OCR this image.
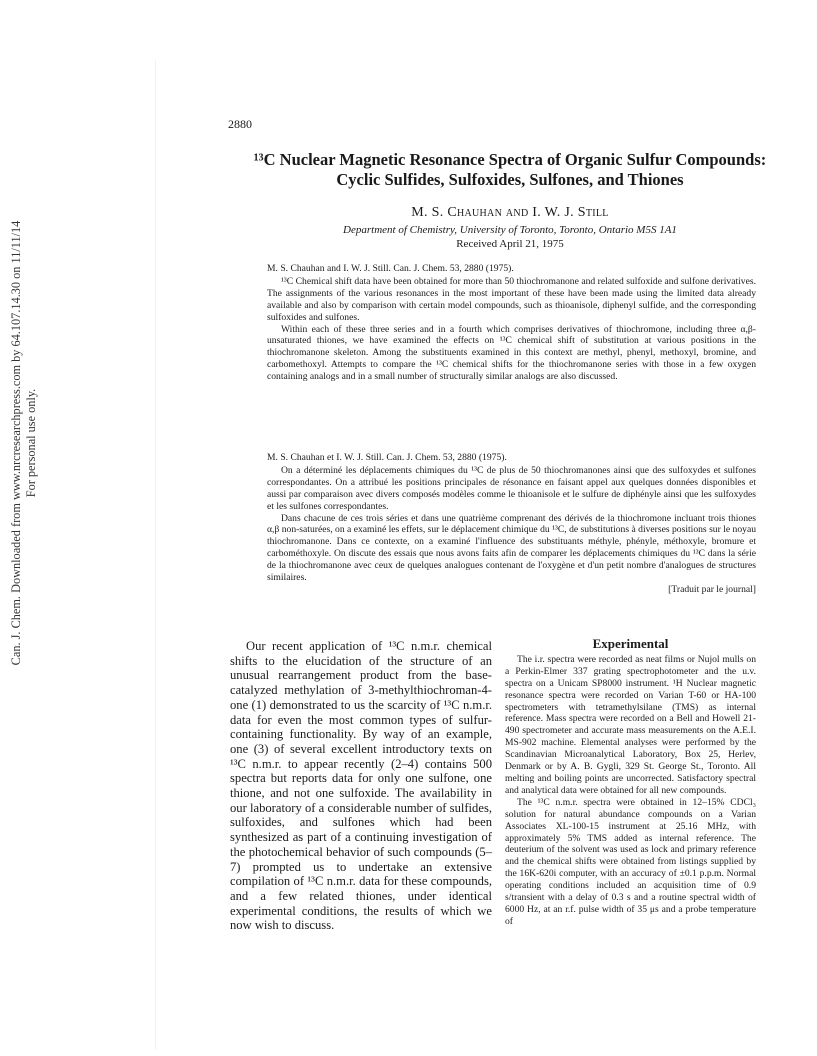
Can. J. Chem. Downloaded from www.nrcresearchpress.com by 64.107.14.30 on 11/11/14 For personal use only.
2880
¹³C Nuclear Magnetic Resonance Spectra of Organic Sulfur Compounds:
Cyclic Sulfides, Sulfoxides, Sulfones, and Thiones
M. S. Chauhan and I. W. J. Still
Department of Chemistry, University of Toronto, Toronto, Ontario M5S 1A1
Received April 21, 1975

M. S. Chauhan and I. W. J. Still. Can. J. Chem. 53, 2880 (1975).

¹³C Chemical shift data have been obtained for more than 50 thiochromanone and related sulfoxide and sulfone derivatives. The assignments of the various resonances in the most important of these have been made using the limited data already available and also by comparison with certain model compounds, such as thioanisole, diphenyl sulfide, and the corresponding sulfoxides and sulfones.

Within each of these three series and in a fourth which comprises derivatives of thiochromone, including three α,β-unsaturated thiones, we have examined the effects on ¹³C chemical shift of substitution at various positions in the thiochromanone skeleton. Among the substituents examined in this context are methyl, phenyl, methoxyl, bromine, and carbomethoxyl. Attempts to compare the ¹³C chemical shifts for the thiochromanone series with those in a few oxygen containing analogs and in a small number of structurally similar analogs are also discussed.

M. S. Chauhan et I. W. J. Still. Can. J. Chem. 53, 2880 (1975).

On a déterminé les déplacements chimiques du ¹³C de plus de 50 thiochromanones ainsi que des sulfoxydes et sulfones correspondantes. On a attribué les positions principales de résonance en faisant appel aux quelques données disponibles et aussi par comparaison avec divers composés modèles comme le thioanisole et le sulfure de diphényle ainsi que les sulfoxydes et les sulfones correspondantes.

Dans chacune de ces trois séries et dans une quatrième comprenant des dérivés de la thiochromone incluant trois thiones α,β non-saturées, on a examiné les effets, sur le déplacement chimique du ¹³C, de substitutions à diverses positions sur le noyau thiochromanone. Dans ce contexte, on a examiné l'influence des substituants méthyle, phényle, méthoxyle, bromure et carbométhoxyle. On discute des essais que nous avons faits afin de comparer les déplacements chimiques du ¹³C dans la série de la thiochromanone avec ceux de quelques analogues contenant de l'oxygène et d'un petit nombre d'analogues de structures similaires.

[Traduit par le journal]

Our recent application of ¹³C n.m.r. chemical shifts to the elucidation of the structure of an unusual rearrangement product from the base-catalyzed methylation of 3-methylthiochroman-4-one (1) demonstrated to us the scarcity of ¹³C n.m.r. data for even the most common types of sulfur-containing functionality. By way of an example, one (3) of several excellent introductory texts on ¹³C n.m.r. to appear recently (2–4) contains 500 spectra but reports data for only one sulfone, one thione, and not one sulfoxide. The availability in our laboratory of a considerable number of sulfides, sulfoxides, and sulfones which had been synthesized as part of a continuing investigation of the photochemical behavior of such compounds (5–7) prompted us to undertake an extensive compilation of ¹³C n.m.r. data for these compounds, and a few related thiones, under identical experimental conditions, the results of which we now wish to discuss.

Experimental

The i.r. spectra were recorded as neat films or Nujol mulls on a Perkin-Elmer 337 grating spectrophotometer and the u.v. spectra on a Unicam SP8000 instrument. ¹H Nuclear magnetic resonance spectra were recorded on Varian T-60 or HA-100 spectrometers with tetramethylsilane (TMS) as internal reference. Mass spectra were recorded on a Bell and Howell 21-490 spectrometer and accurate mass measurements on the A.E.I. MS-902 machine. Elemental analyses were performed by the Scandinavian Microanalytical Laboratory, Box 25, Herlev, Denmark or by A. B. Gygli, 329 St. George St., Toronto. All melting and boiling points are uncorrected. Satisfactory spectral and analytical data were obtained for all new compounds.

The ¹³C n.m.r. spectra were obtained in 12–15% CDCl₃ solution for natural abundance compounds on a Varian Associates XL-100-15 instrument at 25.16 MHz, with approximately 5% TMS added as internal reference. The deuterium of the solvent was used as lock and primary reference and the chemical shifts were obtained from listings supplied by the 16K-620i computer, with an accuracy of ±0.1 p.p.m. Normal operating conditions included an acquisition time of 0.9 s/transient with a delay of 0.3 s and a routine spectral width of 6000 Hz, at an r.f. pulse width of 35 μs and a probe temperature of
